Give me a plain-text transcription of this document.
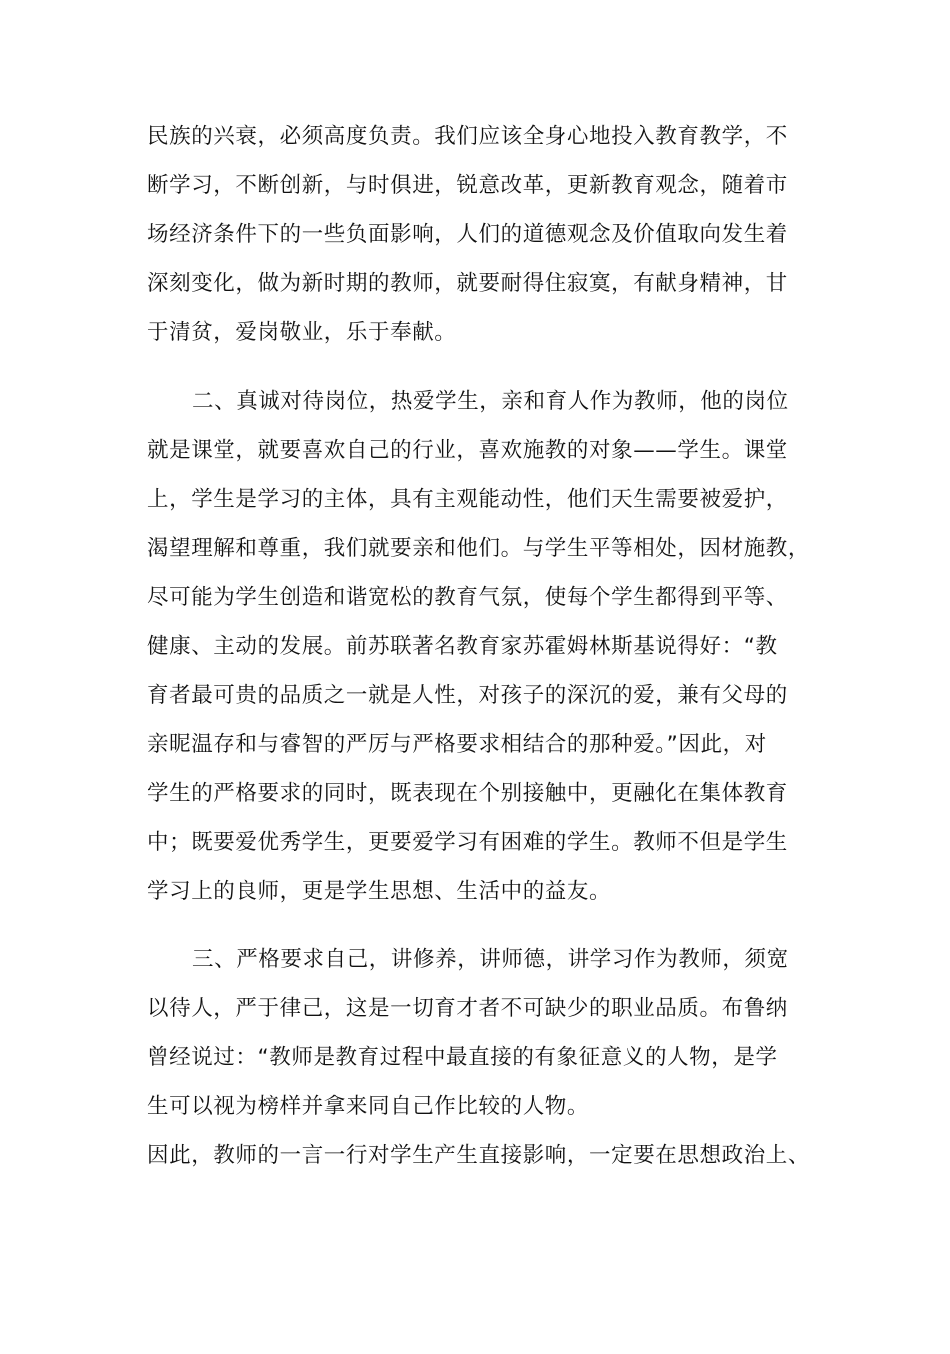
民族的兴衰，必须高度负责。我们应该全身心地投入教育教学，不
断学习，不断创新，与时俱进，锐意改革，更新教育观念，随着市
场经济条件下的一些负面影响，人们的道德观念及价值取向发生着
深刻变化，做为新时期的教师，就要耐得住寂寞，有献身精神，甘
于清贫，爱岗敬业，乐于奉献。
二、真诚对待岗位，热爱学生，亲和育人作为教师，他的岗位
就是课堂，就要喜欢自己的行业，喜欢施教的对象——学生。课堂
上，学生是学习的主体，具有主观能动性，他们天生需要被爱护，
渴望理解和尊重，我们就要亲和他们。与学生平等相处，因材施教，
尽可能为学生创造和谐宽松的教育气氛，使每个学生都得到平等、
健康、主动的发展。前苏联著名教育家苏霍姆林斯基说得好：“教
育者最可贵的品质之一就是人性，对孩子的深沉的爱，兼有父母的
亲昵温存和与睿智的严厉与严格要求相结合的那种爱。”因此，对
学生的严格要求的同时，既表现在个别接触中，更融化在集体教育
中；既要爱优秀学生，更要爱学习有困难的学生。教师不但是学生
学习上的良师，更是学生思想、生活中的益友。
三、严格要求自己，讲修养，讲师德，讲学习作为教师，须宽
以待人，严于律己，这是一切育才者不可缺少的职业品质。布鲁纳
曾经说过：“教师是教育过程中最直接的有象征意义的人物，是学
生可以视为榜样并拿来同自己作比较的人物。
因此，教师的一言一行对学生产生直接影响，一定要在思想政治上、
